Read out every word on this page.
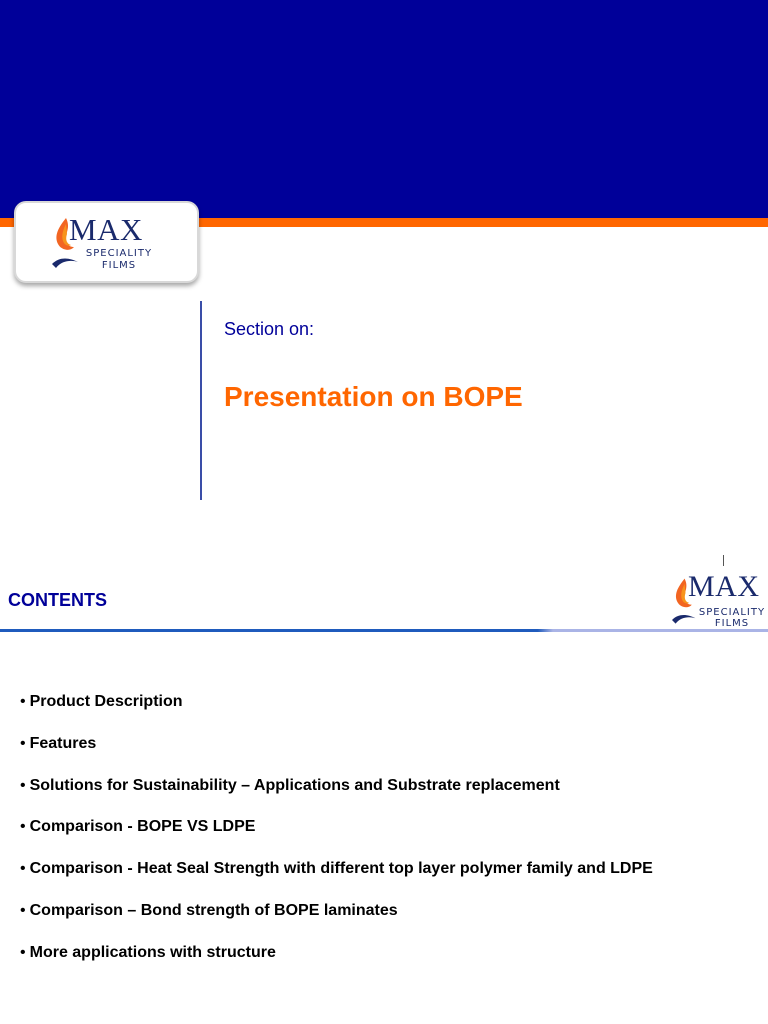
MAX
SPECIALITY
FILMS
Section on:
Presentation on BOPE
CONTENTS	MAX
SPECIALITY
FILMS
• Product Description
• Features
• Solutions for Sustainability – Applications and Substrate replacement
• Comparison - BOPE VS LDPE
• Comparison - Heat Seal Strength with different top layer polymer family and LDPE
• Comparison – Bond strength of BOPE laminates
• More applications with structure
